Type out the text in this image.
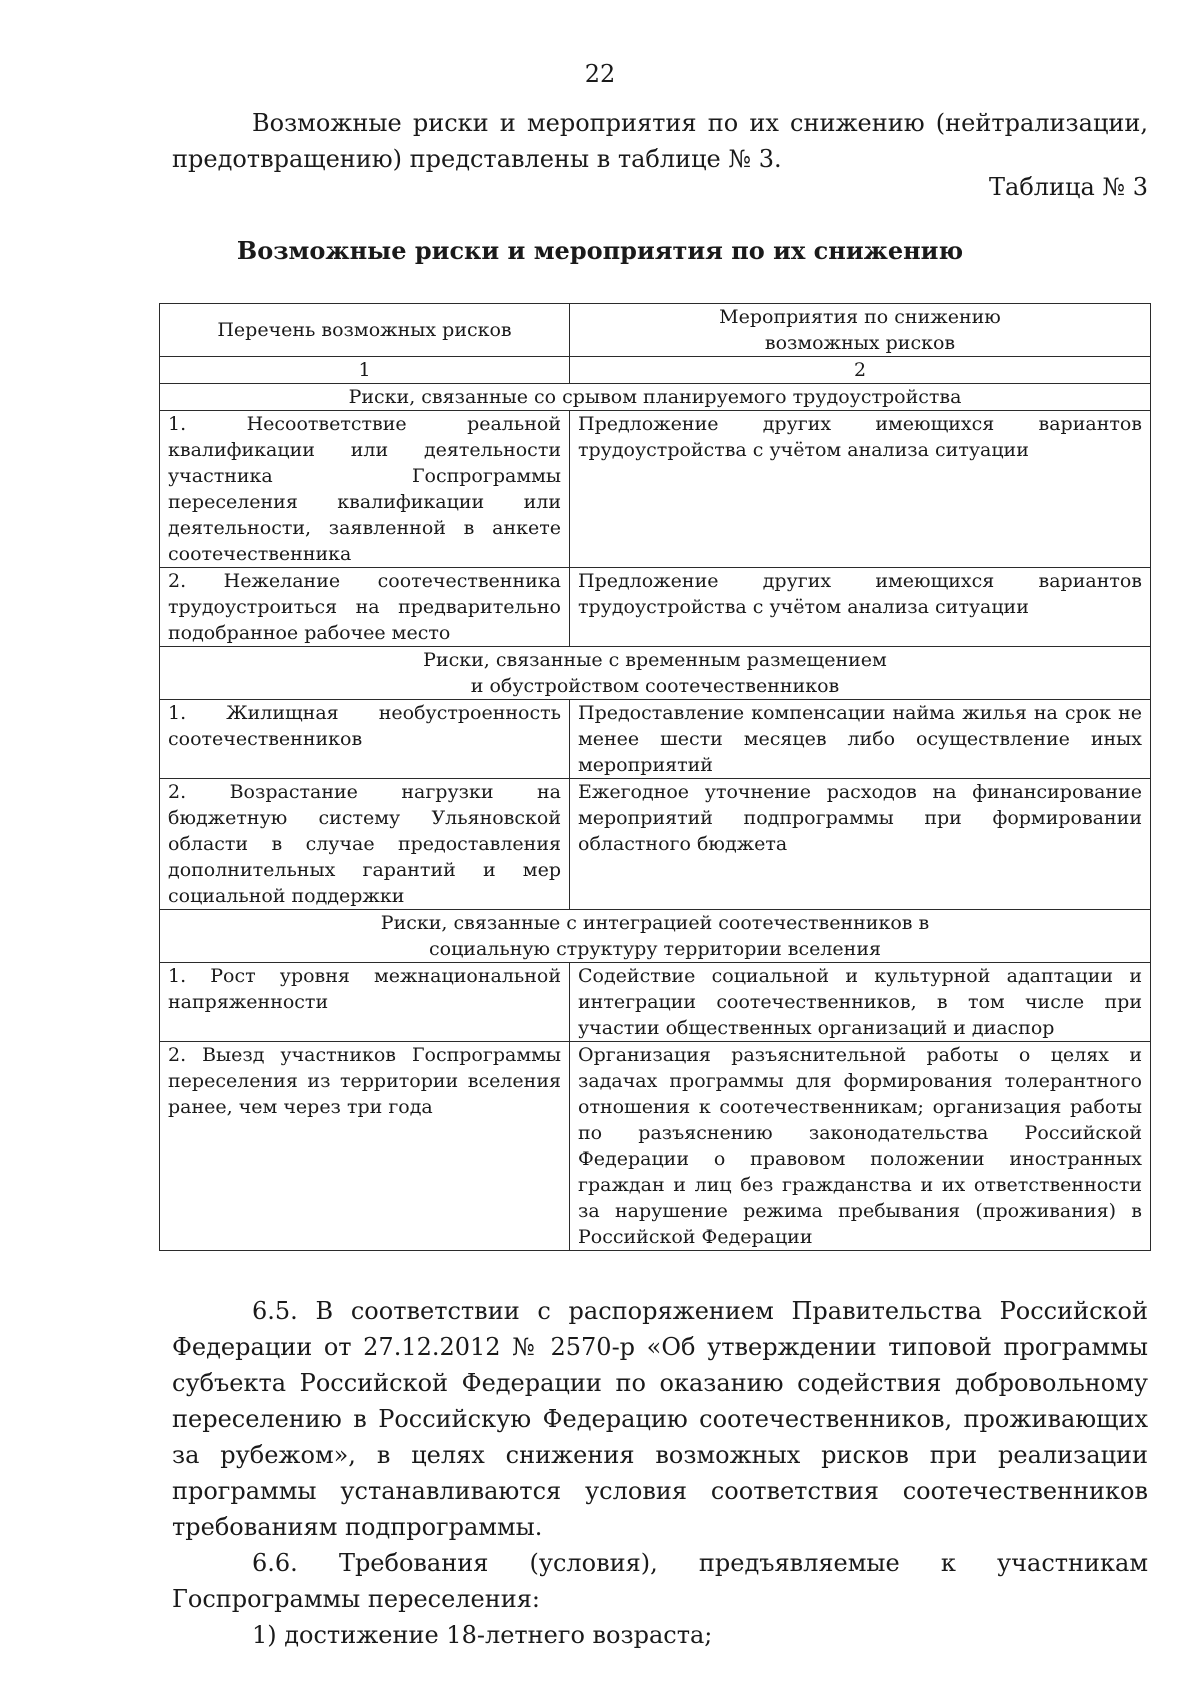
22

Возможные риски и мероприятия по их снижению (нейтрализации, предотвращению) представлены в таблице № 3.

Таблица № 3
Возможные риски и мероприятия по их снижению
Перечень возможных рисков	Мероприятия по снижению возможных рисков
1	2
Риски, связанные со срывом планируемого трудоустройства	
1. Несоответствие реальной квалификации или деятельности участника Госпрограммы переселения квалификации или деятельности, заявленной в анкете соотечественника	Предложение других имеющихся вариантов трудоустройства с учётом анализа ситуации
2. Нежелание соотечественника трудоустроиться на предварительно подобранное рабочее место	Предложение других имеющихся вариантов трудоустройства с учётом анализа ситуации
Риски, связанные с временным размещением и обустройством соотечественников	
1. Жилищная необустроенность соотечественников	Предоставление компенсации найма жилья на срок не менее шести месяцев либо осуществление иных мероприятий
2. Возрастание нагрузки на бюджетную систему Ульяновской области в случае предоставления дополнительных гарантий и мер социальной поддержки	Ежегодное уточнение расходов на финансирование мероприятий подпрограммы при формировании областного бюджета
Риски, связанные с интеграцией соотечественников в социальную структуру территории вселения	
1. Рост уровня межнациональной напряженности	Содействие социальной и культурной адаптации и интеграции соотечественников, в том числе при участии общественных организаций и диаспор
2. Выезд участников Госпрограммы переселения из территории вселения ранее, чем через три года	Организация разъяснительной работы о целях и задачах программы для формирования толерантного отношения к соотечественникам; организация работы по разъяснению законодательства Российской Федерации о правовом положении иностранных граждан и лиц без гражданства и их ответственности за нарушение режима пребывания (проживания) в Российской Федерации

6.5. В соответствии с распоряжением Правительства Российской Федерации от 27.12.2012 № 2570-р «Об утверждении типовой программы субъекта Российской Федерации по оказанию содействия добровольному переселению в Российскую Федерацию соотечественников, проживающих за рубежом», в целях снижения возможных рисков при реализации программы устанавливаются условия соответствия соотечественников требованиям подпрограммы.

6.6. Требования (условия), предъявляемые к участникам Госпрограммы переселения:

1) достижение 18-летнего возраста;
